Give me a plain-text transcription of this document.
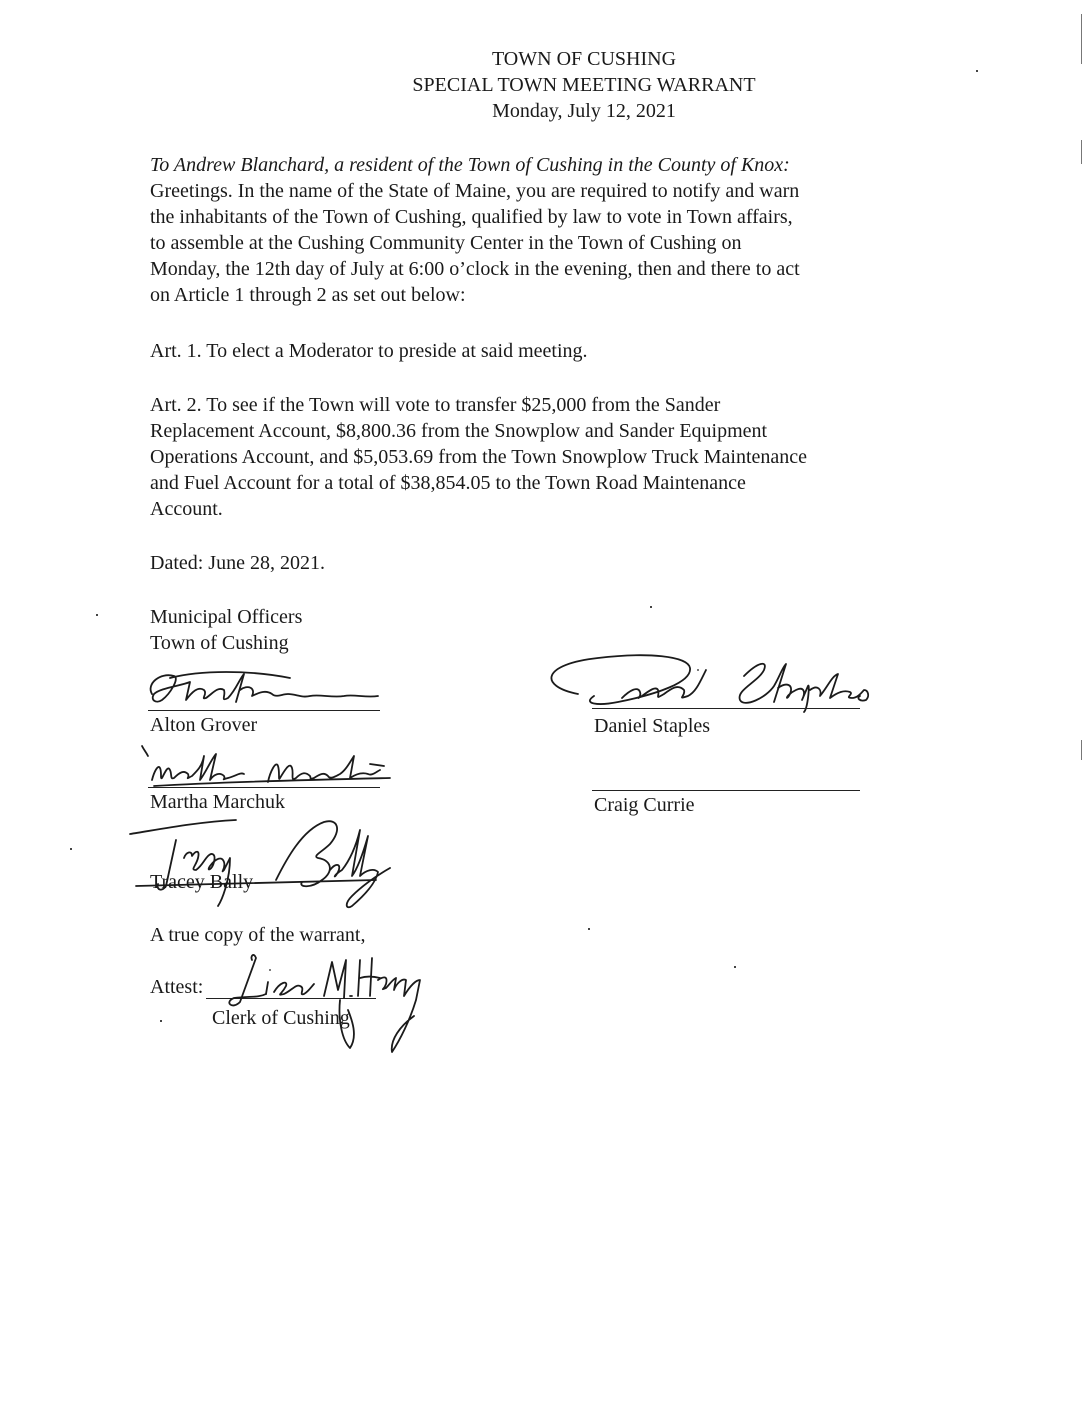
TOWN OF CUSHING
SPECIAL TOWN MEETING WARRANT
Monday, July 12, 2021
To Andrew Blanchard, a resident of the Town of Cushing in the County of Knox:
Greetings. In the name of the State of Maine, you are required to notify and warn
the inhabitants of the Town of Cushing, qualified by law to vote in Town affairs,
to assemble at the Cushing Community Center in the Town of Cushing on
Monday, the 12th day of July at 6:00 o’clock in the evening, then and there to act
on Article 1 through 2 as set out below:
Art. 1. To elect a Moderator to preside at said meeting.
Art. 2. To see if the Town will vote to transfer $25,000 from the Sander
Replacement Account, $8,800.36 from the Snowplow and Sander Equipment
Operations Account, and $5,053.69 from the Town Snowplow Truck Maintenance
and Fuel Account for a total of $38,854.05 to the Town Road Maintenance
Account.
Dated: June 28, 2021.
Municipal Officers
Town of Cushing
Alton Grover	Daniel Staples
Martha Marchuk	Craig Currie
Tracey Bally
A true copy of the warrant,
Attest:
Clerk of Cushing
